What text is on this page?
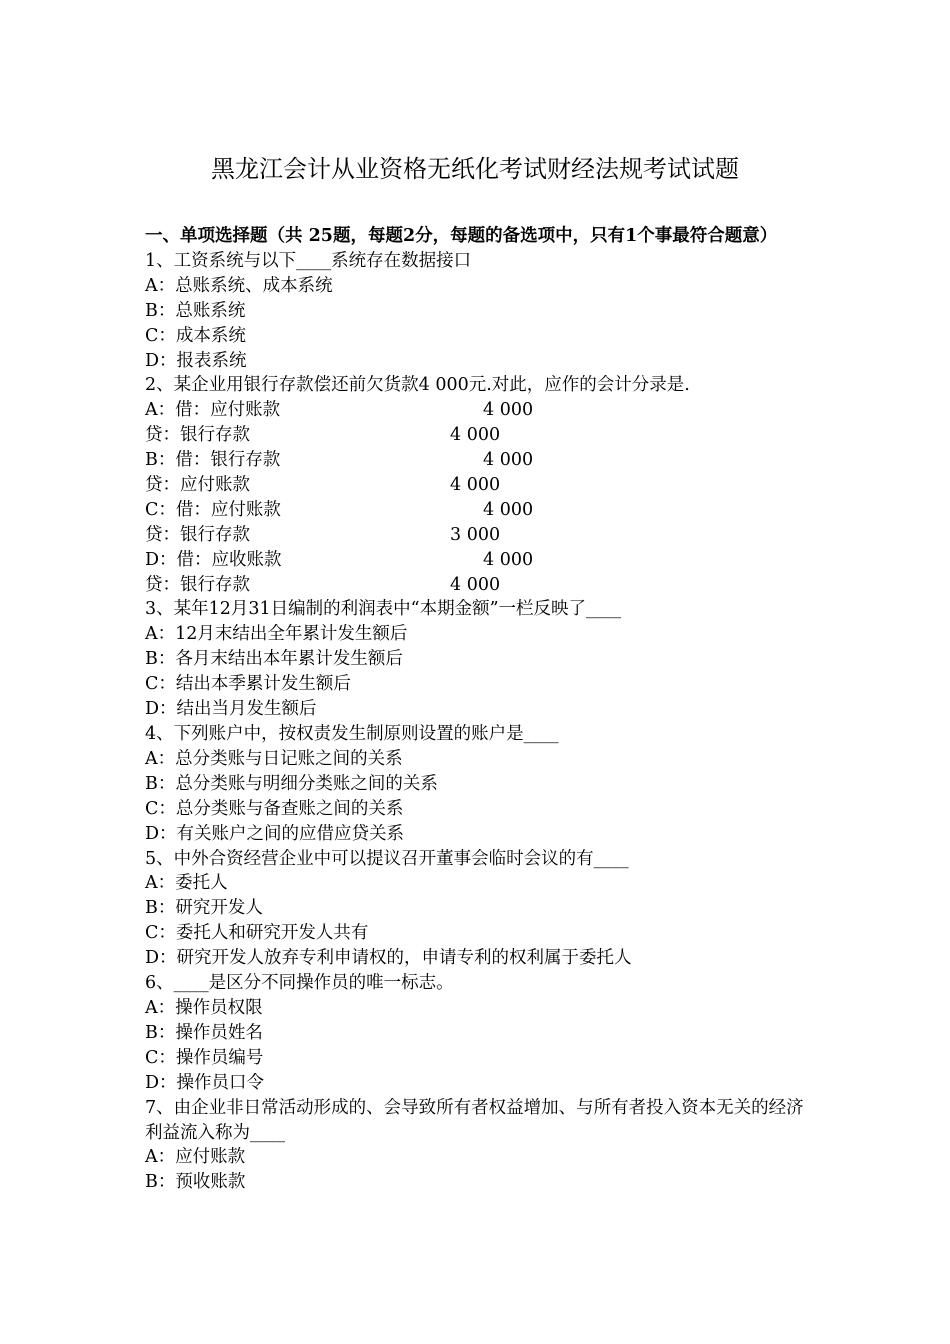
黑龙江会计从业资格无纸化考试财经法规考试试题
一、单项选择题（共 25题，每题2分，每题的备选项中，只有1个事最符合题意）
1、工资系统与以下____系统存在数据接口
A：总账系统、成本系统
B：总账系统
C：成本系统
D：报表系统
2、某企业用银行存款偿还前欠货款4 000元.对此，应作的会计分录是.
A：借：应付账款	4 000
贷：银行存款	4 000
B：借：银行存款	4 000
贷：应付账款	4 000
C：借：应付账款	4 000
贷：银行存款	3 000
D：借：应收账款	4 000
贷：银行存款	4 000
3、某年12月31日编制的利润表中“本期金额”一栏反映了____
A：12月末结出全年累计发生额后
B：各月末结出本年累计发生额后
C：结出本季累计发生额后
D：结出当月发生额后
4、下列账户中，按权责发生制原则设置的账户是____
A：总分类账与日记账之间的关系
B：总分类账与明细分类账之间的关系
C：总分类账与备查账之间的关系
D：有关账户之间的应借应贷关系
5、中外合资经营企业中可以提议召开董事会临时会议的有____
A：委托人
B：研究开发人
C：委托人和研究开发人共有
D：研究开发人放弃专利申请权的，申请专利的权利属于委托人
6、____是区分不同操作员的唯一标志。
A：操作员权限
B：操作员姓名
C：操作员编号
D：操作员口令
7、由企业非日常活动形成的、会导致所有者权益增加、与所有者投入资本无关的经济利益流入称为____
A：应付账款
B：预收账款
